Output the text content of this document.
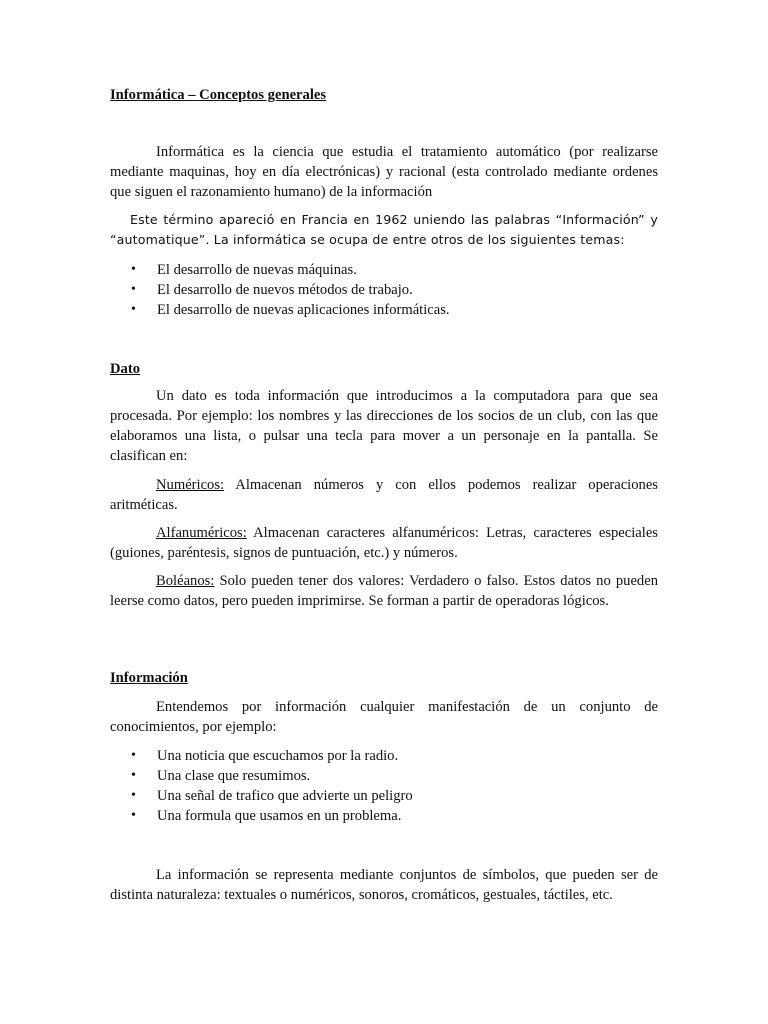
Informática – Conceptos generales

Informática es la ciencia que estudia el tratamiento automático (por realizarse mediante maquinas, hoy en día electrónicas) y racional (esta controlado mediante ordenes que siguen el razonamiento humano) de la información

Este término apareció en Francia en 1962 uniendo las palabras “Información” y “automatique”. La informática se ocupa de entre otros de los siguientes temas:

• El desarrollo de nuevas máquinas.
• El desarrollo de nuevos métodos de trabajo.
• El desarrollo de nuevas aplicaciones informáticas.
Dato

Un dato es toda información que introducimos a la computadora para que sea procesada. Por ejemplo: los nombres y las direcciones de los socios de un club, con las que elaboramos una lista, o pulsar una tecla para mover a un personaje en la pantalla. Se clasifican en:

Numéricos: Almacenan números y con ellos podemos realizar operaciones aritméticas.

Alfanuméricos: Almacenan caracteres alfanuméricos: Letras, caracteres especiales (guiones, paréntesis, signos de puntuación, etc.) y números.

Boléanos: Solo pueden tener dos valores: Verdadero o falso. Estos datos no pueden leerse como datos, pero pueden imprimirse. Se forman a partir de operadoras lógicos.

Información

Entendemos por información cualquier manifestación de un conjunto de conocimientos, por ejemplo:

• Una noticia que escuchamos por la radio.
• Una clase que resumimos.
• Una señal de trafico que advierte un peligro
• Una formula que usamos en un problema.

La información se representa mediante conjuntos de símbolos, que pueden ser de distinta naturaleza: textuales o numéricos, sonoros, cromáticos, gestuales, táctiles, etc.
